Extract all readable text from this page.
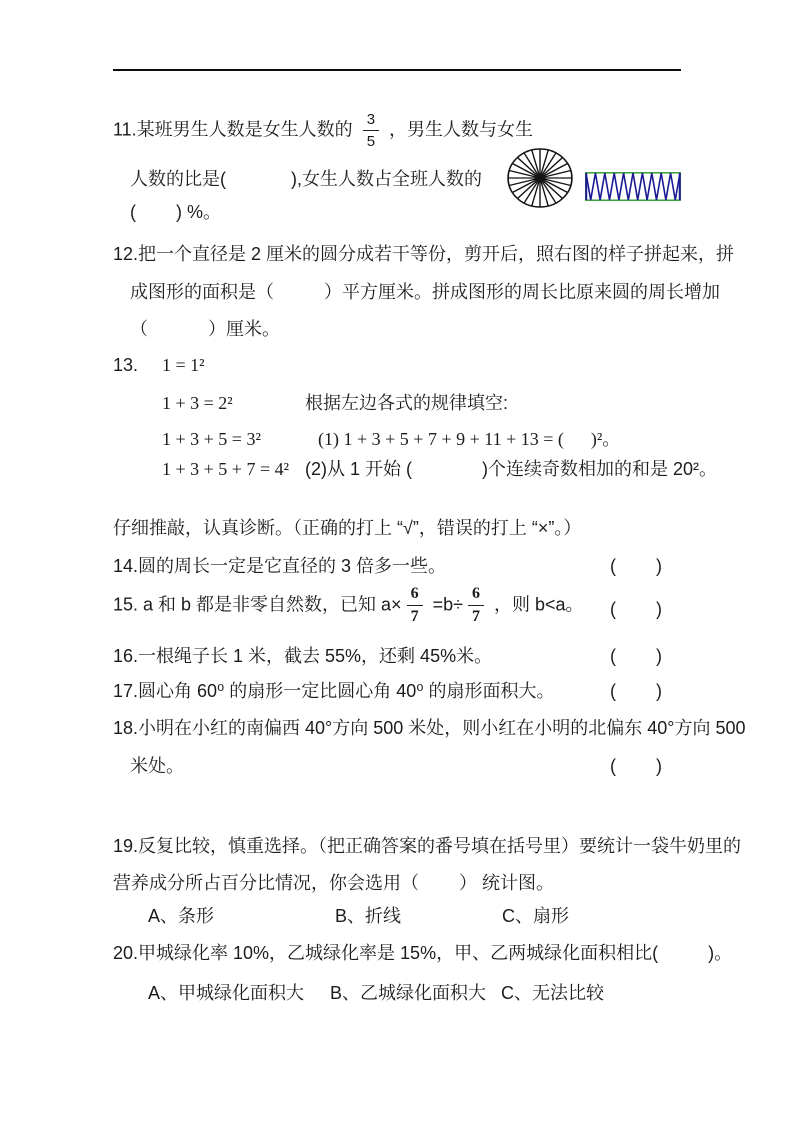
11.某班男生人数是女生人数的 $\frac{3}{5}$ ，男生人数与女生
人数的比是(             ),女生人数占全班人数的
(        ) %。
12.把一个直径是 2 厘米的圆分成若干等份，剪开后，照右图的样子拼起来，拼
成图形的面积是（          ）平方厘米。拼成图形的周长比原来圆的周长增加
（            ）厘米。
13. 1 = 1²
1 + 3 = 2²	根据左边各式的规律填空:
1 + 3 + 5 = 3²	(1) 1 + 3 + 5 + 7 + 9 + 11 + 13 = (      )²。
1 + 3 + 5 + 7 = 4² (2)从 1 开始 (              )个连续奇数相加的和是 20²。
仔细推敲，认真诊断。（正确的打上 “√”，错误的打上 “×”。）
14.圆的周长一定是它直径的 3 倍多一些。	(        )
15. a 和 b 都是非零自然数，已知 $a\times \frac{6}{7} =b\div \frac{6}{7}$ ，则 b<a。 (        )
16.一根绳子长 1 米，截去 55%，还剩 45%米。	(        )
17.圆心角 60⁰ 的扇形一定比圆心角 40⁰ 的扇形面积大。	(        )
18.小明在小红的南偏西 40°方向 500 米处，则小红在小明的北偏东 40°方向 500
米处。	(        )
19.反复比较，慎重选择。（把正确答案的番号填在括号里）要统计一袋牛奶里的
营养成分所占百分比情况，你会选用（        ） 统计图。
A、条形	B、折线	C、扇形
20.甲城绿化率 10%，乙城绿化率是 15%，甲、乙两城绿化面积相比(          )。
A、甲城绿化面积大 B、乙城绿化面积大 C、无法比较
